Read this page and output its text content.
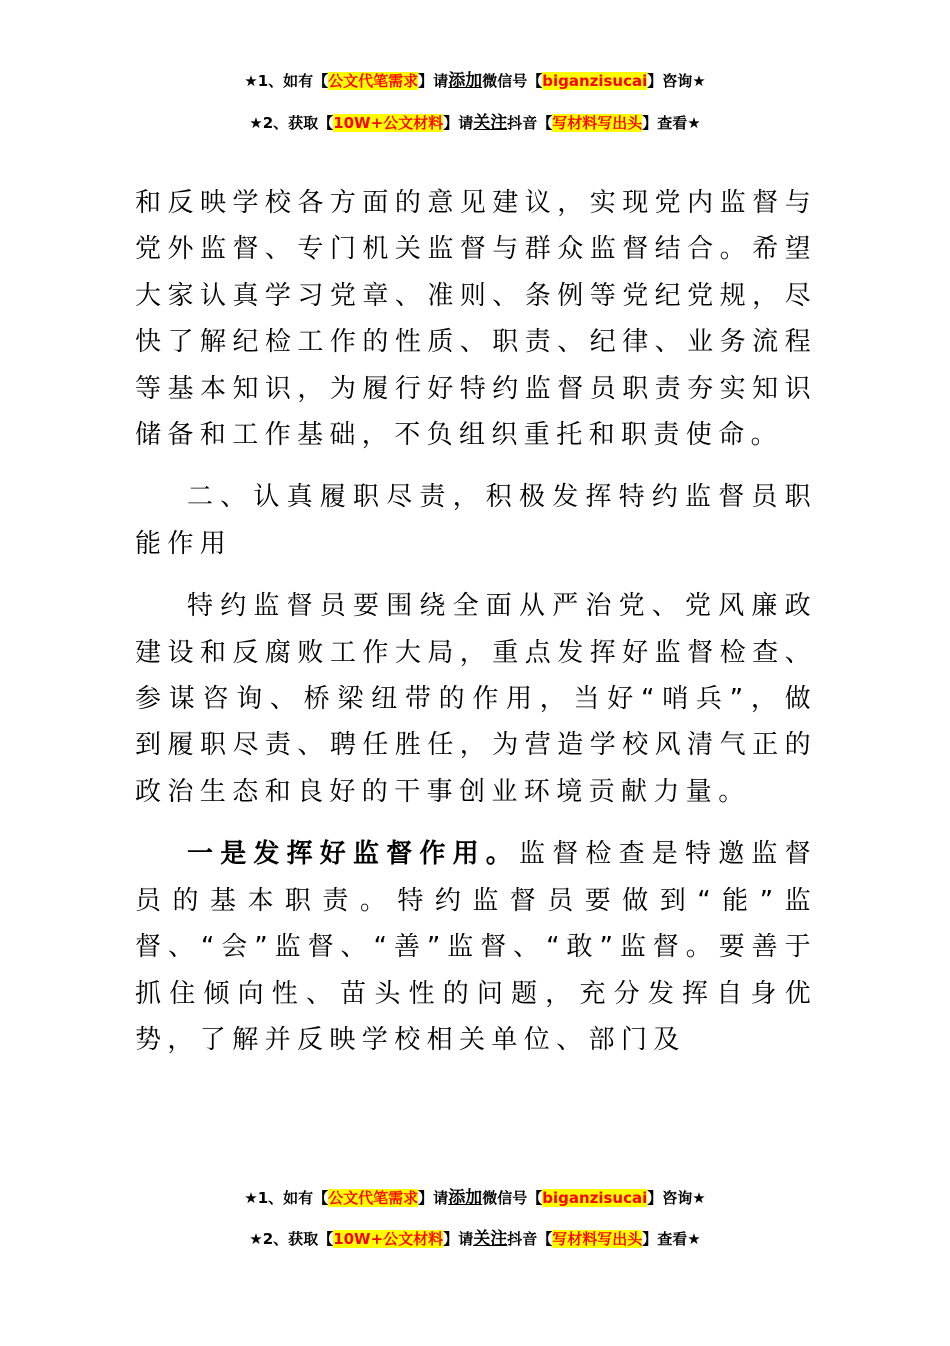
★1、如有【公文代笔需求】请添加微信号【biganzisucai】咨询★
★2、获取【10W+公文材料】请关注抖音【写材料写出头】查看★

和反映学校各方面的意见建议，实现党内监督与党外监督、专门机关监督与群众监督结合。希望大家认真学习党章、准则、条例等党纪党规，尽快了解纪检工作的性质、职责、纪律、业务流程等基本知识，为履行好特约监督员职责夯实知识储备和工作基础，不负组织重托和职责使命。

二、认真履职尽责，积极发挥特约监督员职能作用

特约监督员要围绕全面从严治党、党风廉政建设和反腐败工作大局，重点发挥好监督检查、参谋咨询、桥梁纽带的作用，当好“哨兵”，做到履职尽责、聘任胜任，为营造学校风清气正的政治生态和良好的干事创业环境贡献力量。

一是发挥好监督作用。监督检查是特邀监督员的基本职责。特约监督员要做到“能”监督、“会”监督、“善”监督、“敢”监督。要善于抓住倾向性、苗头性的问题，充分发挥自身优势，了解并反映学校相关单位、部门及

★1、如有【公文代笔需求】请添加微信号【biganzisucai】咨询★
★2、获取【10W+公文材料】请关注抖音【写材料写出头】查看★
